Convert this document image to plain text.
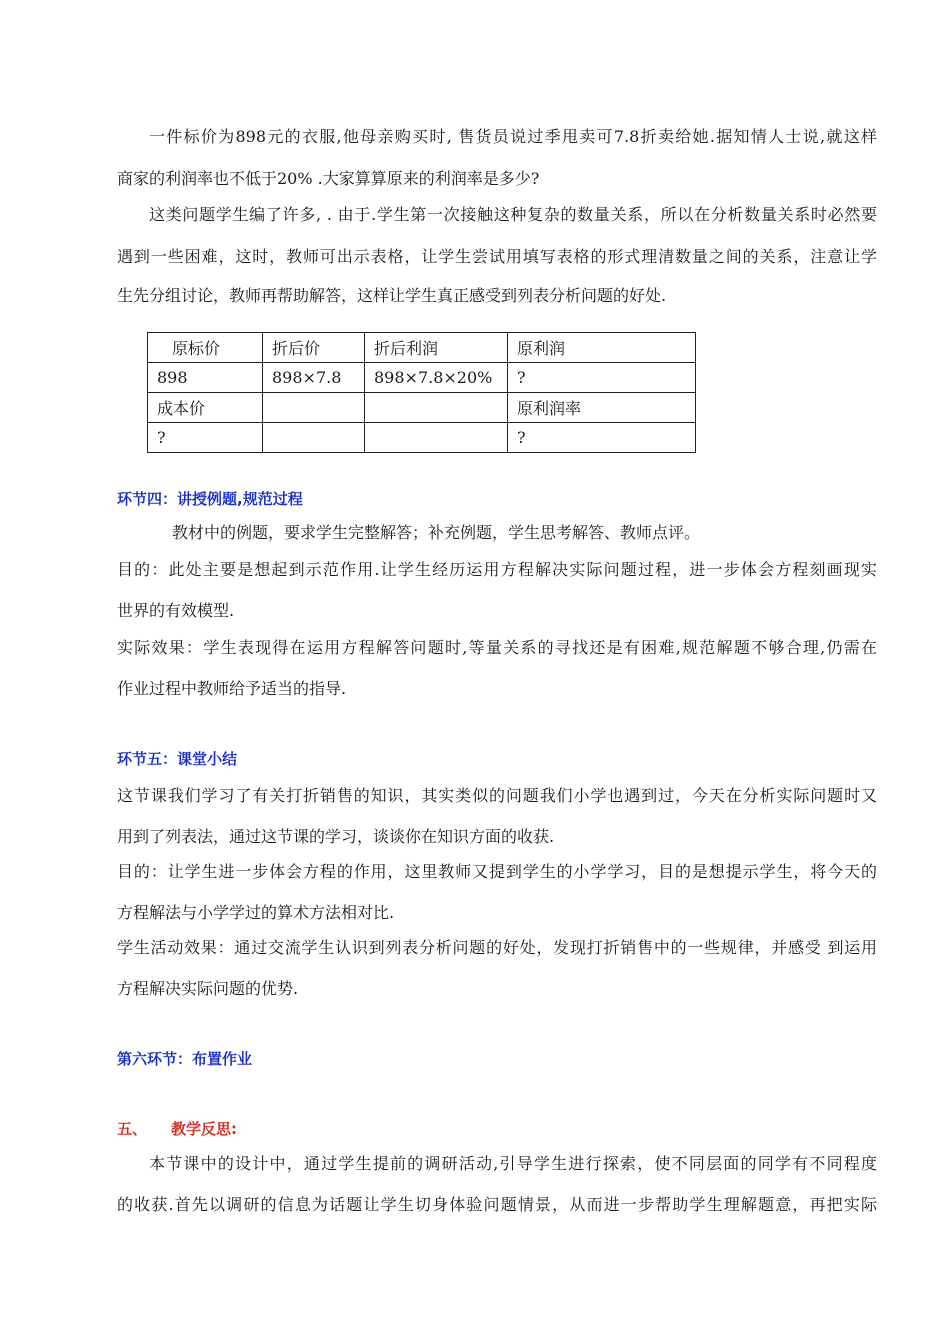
一件标价为898元的衣服,他母亲购买时, 售货员说过季甩卖可7.8折卖给她.据知情人士说,就这样
商家的利润率也不低于20% .大家算算原来的利润率是多少?
这类问题学生编了许多, . 由于.学生第一次接触这种复杂的数量关系，所以在分析数量关系时必然要
遇到一些困难，这时，教师可出示表格，让学生尝试用填写表格的形式理清数量之间的关系，注意让学
生先分组讨论，教师再帮助解答，这样让学生真正感受到列表分析问题的好处.
原标价	折后价	折后利润	原利润
898	898×7.8	898×7.8×20%	?
成本价			原利润率
?			?
环节四：讲授例题,规范过程
教材中的例题，要求学生完整解答；补充例题，学生思考解答、教师点评。
目的：此处主要是想起到示范作用.让学生经历运用方程解决实际问题过程，进一步体会方程刻画现实
世界的有效模型.
实际效果：学生表现得在运用方程解答问题时,等量关系的寻找还是有困难,规范解题不够合理,仍需在
作业过程中教师给予适当的指导.
环节五：课堂小结
这节课我们学习了有关打折销售的知识，其实类似的问题我们小学也遇到过，今天在分析实际问题时又
用到了列表法，通过这节课的学习，谈谈你在知识方面的收获.
目的：让学生进一步体会方程的作用，这里教师又提到学生的小学学习，目的是想提示学生，将今天的
方程解法与小学学过的算术方法相对比.
学生活动效果：通过交流学生认识到列表分析问题的好处，发现打折销售中的一些规律，并感受 到运用
方程解决实际问题的优势.
第六环节：布置作业
五、 教学反思:
本节课中的设计中，通过学生提前的调研活动,引导学生进行探索，使不同层面的同学有不同程度
的收获.首先以调研的信息为话题让学生切身体验问题情景，从而进一步帮助学生理解题意，再把实际
